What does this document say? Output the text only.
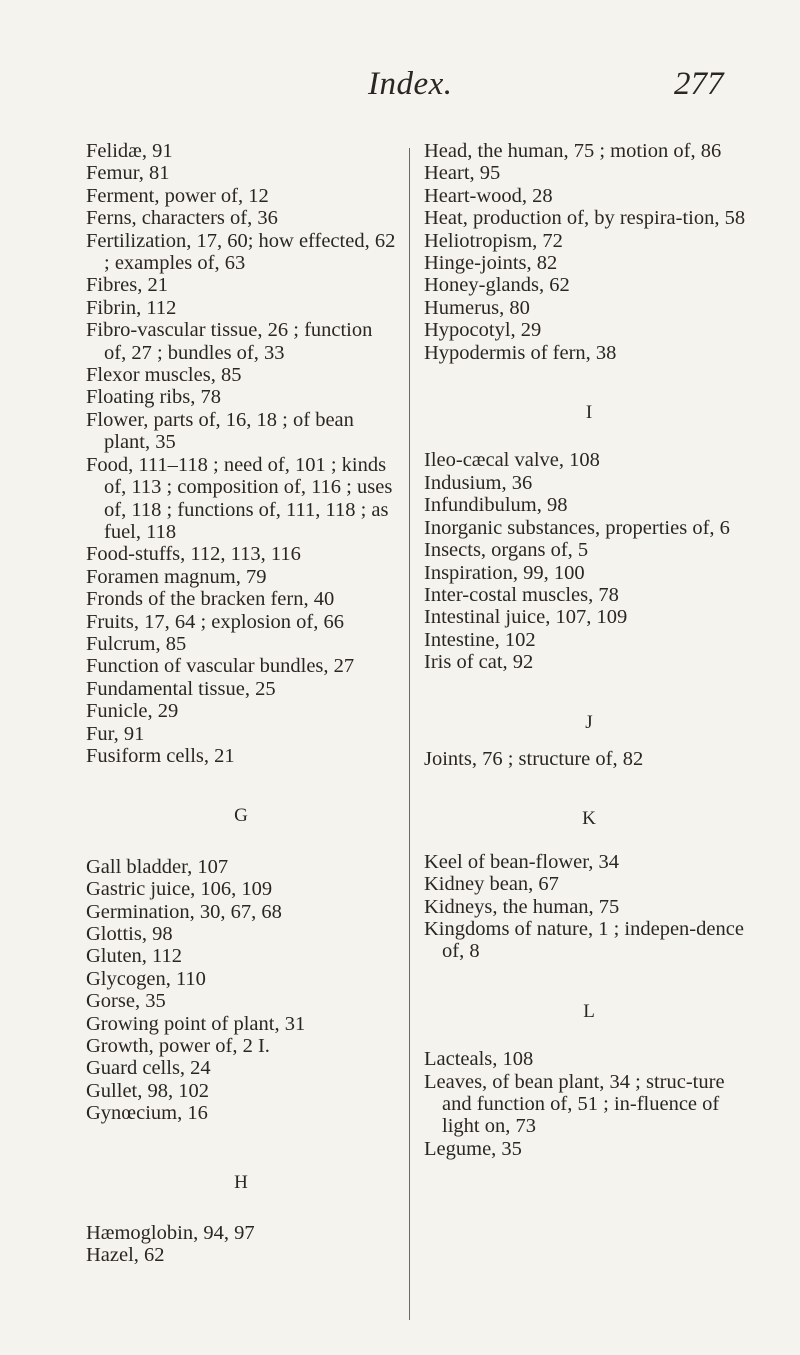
Index.	277

Felidæ, 91

Femur, 81

Ferment, power of, 12

Ferns, characters of, 36

Fertilization, 17, 60; how effected, 62 ; examples of, 63

Fibres, 21

Fibrin, 112

Fibro-vascular tissue, 26 ; function of, 27 ; bundles of, 33

Flexor muscles, 85

Floating ribs, 78

Flower, parts of, 16, 18 ; of bean plant, 35

Food, 111–118 ; need of, 101 ; kinds of, 113 ; composition of, 116 ; uses of, 118 ; functions of, 111, 118 ; as fuel, 118

Food-stuffs, 112, 113, 116

Foramen magnum, 79

Fronds of the bracken fern, 40

Fruits, 17, 64 ; explosion of, 66

Fulcrum, 85

Function of vascular bundles, 27

Fundamental tissue, 25

Funicle, 29

Fur, 91

Fusiform cells, 21

G

Gall bladder, 107

Gastric juice, 106, 109

Germination, 30, 67, 68

Glottis, 98

Gluten, 112

Glycogen, 110

Gorse, 35

Growing point of plant, 31

Growth, power of, 2 I.

Guard cells, 24

Gullet, 98, 102

Gynœcium, 16

H

Hæmoglobin, 94, 97

Hazel, 62

Head, the human, 75 ; motion of, 86

Heart, 95

Heart-wood, 28

Heat, production of, by respira-tion, 58

Heliotropism, 72

Hinge-joints, 82

Honey-glands, 62

Humerus, 80

Hypocotyl, 29

Hypodermis of fern, 38

I

Ileo-cæcal valve, 108

Indusium, 36

Infundibulum, 98

Inorganic substances, properties of, 6

Insects, organs of, 5

Inspiration, 99, 100

Inter-costal muscles, 78

Intestinal juice, 107, 109

Intestine, 102

Iris of cat, 92

J

Joints, 76 ; structure of, 82

K

Keel of bean-flower, 34

Kidney bean, 67

Kidneys, the human, 75

Kingdoms of nature, 1 ; indepen-dence of, 8

L

Lacteals, 108

Leaves, of bean plant, 34 ; struc-ture and function of, 51 ; in-fluence of light on, 73

Legume, 35
